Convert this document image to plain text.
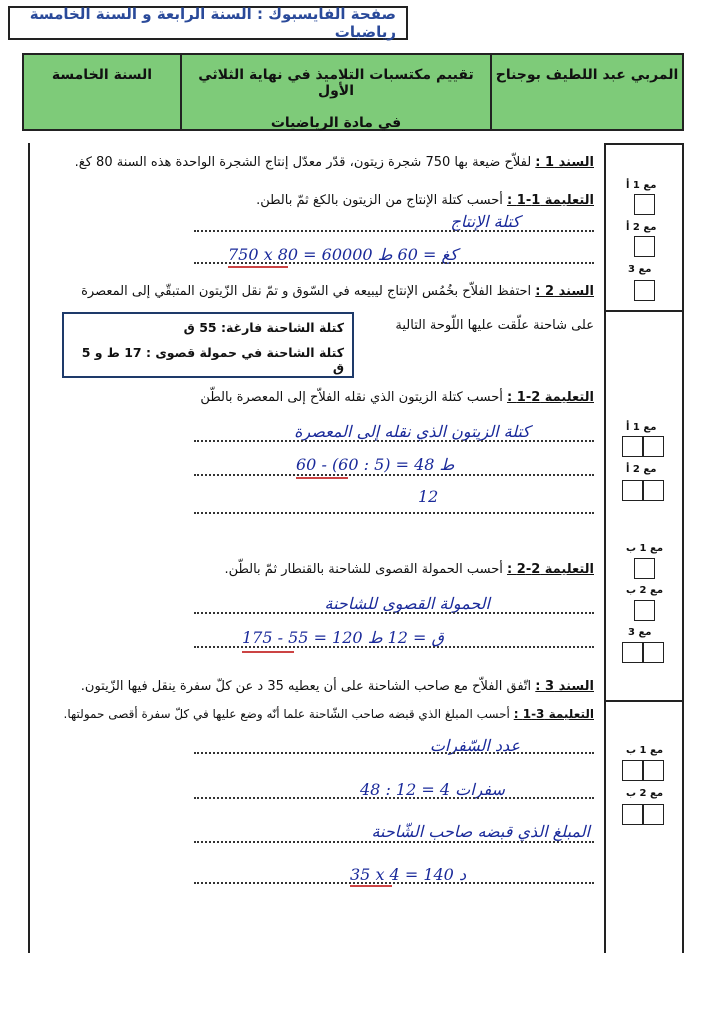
صفحة الفايسبوك : السنة الرابعة و السنة الخامسة رياضيات
المربي عبد اللطيف بوجناح
تقييم مكتسبات التلاميذ في نهاية الثلاثي الأول
في مادة الرياضيات
السنة الخامسة
السند 1 : لفلاّح ضيعة بها 750 شجرة زيتون، قدّر معدّل إنتاج الشجرة الواحدة هذه السنة 80 كغ.
التعليمة 1-1 : أحسب كتلة الإنتاج من الزيتون بالكغ ثمّ بالطن.
كتلة الإنتاج
750 x 80 = 60000 كغ = 60 ط
السند 2 : احتفظ الفلاّح بخُمُس الإنتاج ليبيعه في السّوق و تمّ نقل الزّيتون المتبقّي إلى المعصرة
على شاحنة علّقت عليها اللّوحة التالية
كتلة الشاحنة فارغة: 55 ق
كتلة الشاحنة في حمولة قصوى : 17 ط و 5 ق
التعليمة 2-1 : أحسب كتلة الزيتون الذي نقله الفلاّح إلى المعصرة بالطّن
كتلة الزيتون الذي نقله إلى المعصرة
60 - (60 : 5) = 48 ط
12
التعليمة 2-2 : أحسب الحمولة القصوى للشاحنة بالقنطار ثمّ بالطّن.
الحمولة القصوى للشاحنة
175 - 55 = 120 ق = 12 ط
السند 3 : اتّفق الفلاّح مع صاحب الشاحنة على أن يعطيه 35 د عن كلّ سفرة ينقل فيها الزّيتون.
التعليمة 3-1 : أحسب المبلغ الذي قبضه صاحب الشّاحنة علما أنّه وضع عليها في كلّ سفرة أقصى حمولتها.
عدد السّفرات
48 : 12 = 4 سفرات
المبلغ الذي قبضه صاحب الشّاحنة
35 x 4 = 140 د
مع 1 أ
مع 2 أ
مع 3
مع 1 أ
مع 2 أ
مع 1 ب
مع 2 ب
مع 3
مع 1 ب
مع 2 ب
